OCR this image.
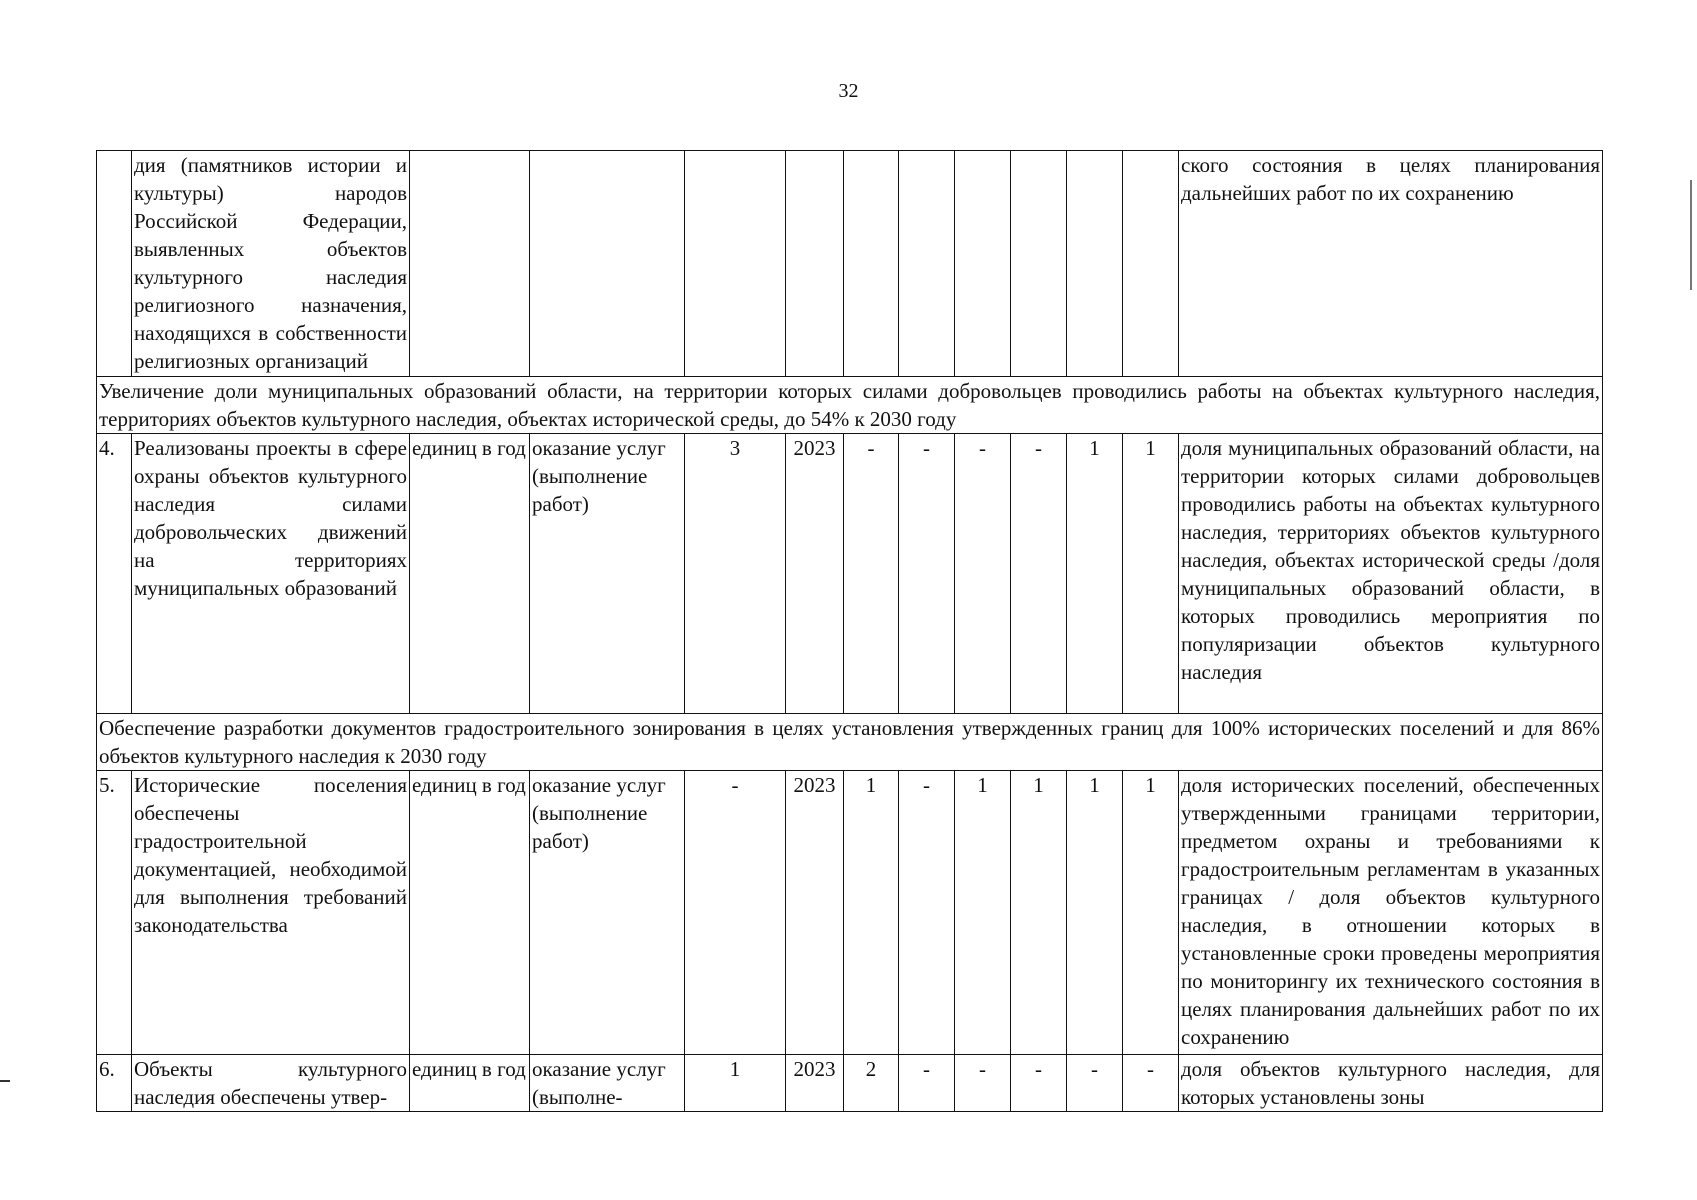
32
	дия (памятников истории и культуры) народов Российской Федерации, выявленных объектов культурного наследия религиозного назначения, находящихся в собственности религиозных организаций											ского состояния в целях планирования дальнейших работ по их сохранению
Увеличение доли муниципальных образований области, на территории которых силами добровольцев проводились работы на объектах культурного наследия, территориях объектов культурного наследия, объектах исторической среды, до 54% к 2030 году												
4.	Реализованы проекты в сфере охраны объектов культурного наследия силами добровольческих движений на территориях муниципальных образований	единиц в год	оказание услуг (выполнение работ)	3	2023	-	-	-	-	1	1	доля муниципальных образований области, на территории которых силами добровольцев проводились работы на объектах культурного наследия, территориях объектов культурного наследия, объектах исторической среды /доля муниципальных образований области, в которых проводились мероприятия по популяризации объектов культурного наследия
Обеспечение разработки документов градостроительного зонирования в целях установления утвержденных границ для 100% исторических поселений и для 86% объектов культурного наследия к 2030 году												
5.	Исторические поселения обеспечены градостроительной документацией, необходимой для выполнения требований законодательства	единиц в год	оказание услуг (выполнение работ)	-	2023	1	-	1	1	1	1	доля исторических поселений, обеспеченных утвержденными границами территории, предметом охраны и требованиями к градостроительным регламентам в указанных границах / доля объектов культурного наследия, в отношении которых в установленные сроки проведены мероприятия по мониторингу их технического состояния в целях планирования дальнейших работ по их сохранению
6.	Объекты культурного наследия обеспечены утвер-	единиц в год	оказание услуг (выполне-	1	2023	2	-	-	-	-	-	доля объектов культурного наследия, для которых установлены зоны
